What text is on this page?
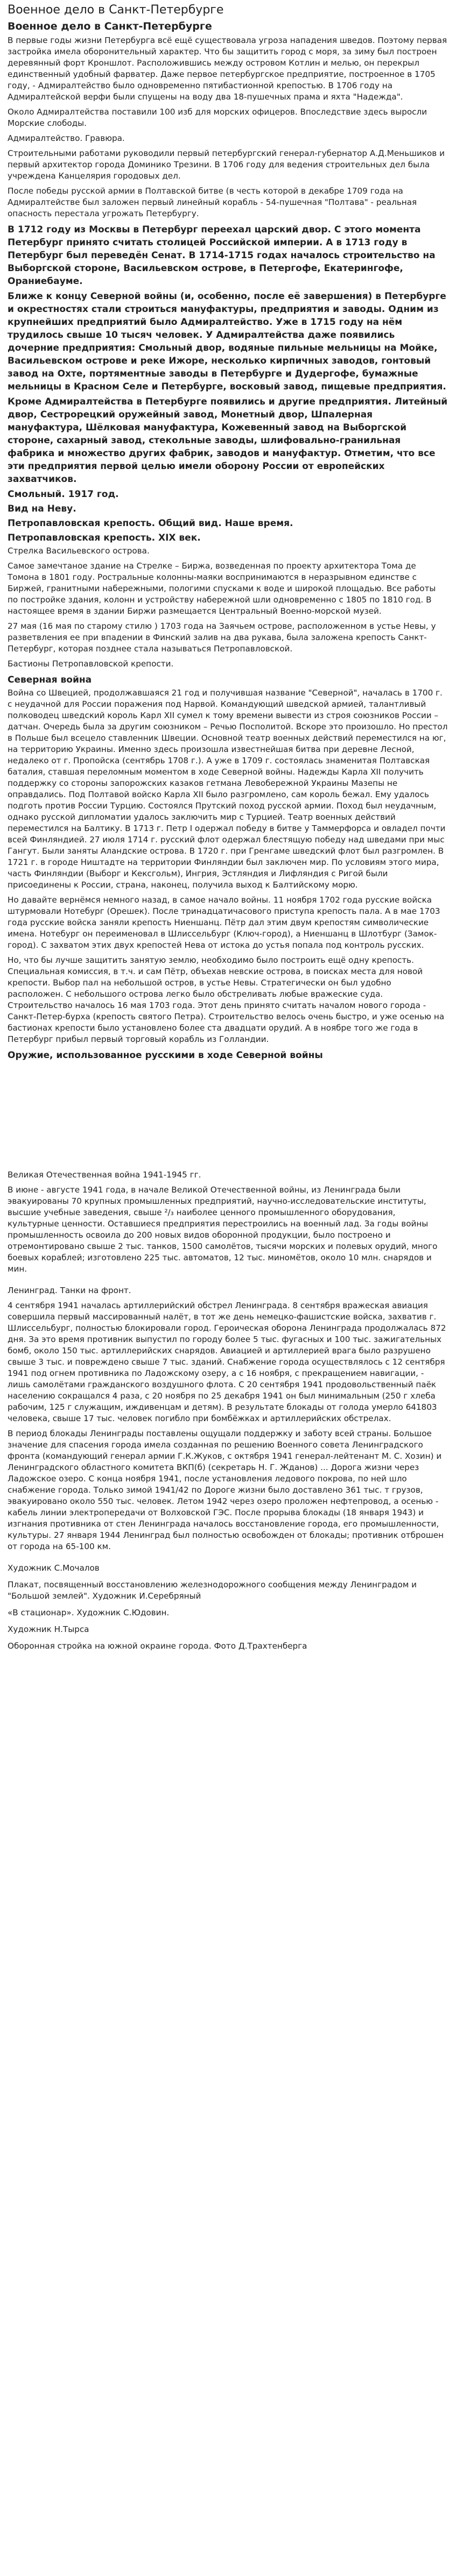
Военное дело в Санкт-Петербурге
Военное дело в Санкт-Петербурге

В первые годы жизни Петербурга всё ещё существовала угроза нападения шведов. Поэтому первая застройка имела оборонительный характер. Что бы защитить город с моря, за зиму был построен деревянный форт Кроншлот. Расположившись между островом Котлин и мелью, он перекрыл единственный удобный фарватер. Даже первое петербургское предприятие, построенное в 1705 году, - Адмиралтейство было одновременно пятибастионной крепостью. В 1706 году на Адмиралтейской верфи были спущены на воду два 18-пушечных прама и яхта "Надежда".

Около Адмиралтейства поставили 100 изб для морских офицеров. Впоследствие здесь выросли Морские слободы.

Адмиралтейство. Гравюра.

Строительными работами руководили первый петербургский генерал-губернатор А.Д.Меньшиков и первый архитектор города Доминико Трезини. В 1706 году для ведения строительных дел была учреждена Канцелярия городовых дел.

После победы русской армии в Полтавской битве (в честь которой в декабре 1709 года на Адмиралтействе был заложен первый линейный корабль - 54-пушечная "Полтава" - реальная опасность перестала угрожать Петербургу.

В 1712 году из Москвы в Петербург переехал царский двор. С этого момента Петербург принято считать столицей Российской империи. А в 1713 году в Петербург был переведён Сенат. В 1714-1715 годах началось строительство на Выборгской стороне, Васильевском острове, в Петергофе, Екатерингофе, Ораниебауме.
Ближе к концу Северной войны (и, особенно, после её завершения) в Петербурге и окрестностях стали строиться мануфактуры, предприятия и заводы. Одним из крупнейших предприятий было Адмиралтейство. Уже в 1715 году на нём трудилось свыше 10 тысяч человек. У Адмиралтейства даже появились дочерние предприятия: Смольный двор, водяные пильные мельницы на Мойке, Васильевском острове и реке Ижоре, несколько кирпичных заводов, гонтовый завод на Охте, портяментные заводы в Петербурге и Дудергофе, бумажные мельницы в Красном Селе и Петербурге, восковый завод, пищевые предприятия.
Кроме Адмиралтейства в Петербурге появились и другие предприятия. Литейный двор, Сестрорецкий оружейный завод, Монетный двор, Шпалерная мануфактура, Шёлковая мануфактура, Кожевенный завод на Выборгской стороне, сахарный завод, стекольные заводы, шлифовально-гранильная фабрика и множество других фабрик, заводов и мануфактур. Отметим, что все эти предприятия первой целью имели оборону России от европейских захватчиков.
Смольный. 1917 год.
Вид на Неву.
Петропавловская крепость. Общий вид. Наше время.
Петропавловская крепость. XIX век.

Стрелка Васильевского острова.

Самое замечтаное здание на Стрелке – Биржа, возведенная по проекту архитектора Тома де Томона в 1801 году. Ростральные колонны-маяки воспринимаются в неразрывном единстве с Биржей, гранитными набережными, пологими спусками к воде и широкой площадью. Все работы по постройке здания, колонн и устройству набережной шли одновременно с 1805 по 1810 год. В настоящее время в здании Биржи размещается Центральный Военно-морской музей.

27 мая (16 мая по старому стилю ) 1703 года на Заячьем острове, расположенном в устье Невы, у разветвления ее при впадении в Финский залив на два рукава, была заложена крепость Санкт-Петербург, которая позднее стала называться Петропавловской.

Бастионы Петропавловской крепости.

Северная война

Война со Швецией, продолжавшаяся 21 год и получившая название "Северной", началась в 1700 г. с неудачной для России поражения под Нарвой. Командующий шведской армией, талантливый полководец шведский король Карл XII сумел к тому времени вывести из строя союзников России – датчан. Очередь была за другим союзником – Речью Посполитой. Вскоре это произошло. Но престол в Польше был всецело ставленник Швеции. Основной театр военных действий переместился на юг, на территорию Украины. Именно здесь произошла известнейшая битва при деревне Лесной, недалеко от г. Пропойска (сентябрь 1708 г.). А уже в 1709 г. состоялась знаменитая Полтавская баталия, ставшая переломным моментом в ходе Северной войны. Надежды Карла XII получить поддержку со стороны запорожских казаков гетмана Левобережной Украины Мазепы не оправдались. Под Полтавой войско Карла XII было разгромлено, сам король бежал. Ему удалось подготь против России Турцию. Состоялся Прутский поход русской армии. Поход был неудачным, однако русской дипломатии удалось заключить мир с Турцией. Театр военных действий переместился на Балтику. В 1713 г. Петр I одержал победу в битве у Таммерфорса и овладел почти всей Финляндией. 27 июля 1714 г. русский флот одержал блестящую победу над шведами при мыс Гангут. Были заняты Аландские острова. В 1720 г. при Гренгаме шведский флот был разгромлен. В 1721 г. в городе Ништадте на территории Финляндии был заключен мир. По условиям этого мира, часть Финляндии (Выборг и Кексгольм), Ингрия, Эстляндия и Лифляндия с Ригой были присоединены к России, страна, наконец, получила выход к Балтийскому морю.

Но давайте вернёмся немного назад, в самое начало войны. 11 ноября 1702 года русские войска штурмовали Нотебург (Орешек). После тринадцатичасового приступа крепость пала. А в мае 1703 года русские войска заняли крепость Ниеншанц. Пётр дал этим двум крепостям символические имена. Нотебург он переименовал в Шлиссельбург (Ключ-город), а Ниеншанц в Шлотбург (Замок-город). С захватом этих двух крепостей Нева от истока до устья попала под контроль русских.

Но, что бы лучше защитить занятую землю, необходимо было построить ещё одну крепость. Специальная комиссия, в т.ч. и сам Пётр, объехав невские острова, в поисках места для новой крепости. Выбор пал на небольшой остров, в устье Невы. Стратегически он был удобно расположен. С небольшого острова легко было обстреливать любые вражеские суда. Строительство началось 16 мая 1703 года. Этот день принято считать началом нового города - Санкт-Петер-бурха (крепость святого Петра). Строительство велось очень быстро, и уже осенью на бастионах крепости было установлено более ста двадцати орудий. А в ноябре того же года в Петербург прибыл первый торговый корабль из Голландии.

Оружие, использованное русскими в ходе Северной войны

Великая Отечественная война 1941-1945 гг.

В июне - августе 1941 года, в начале Великой Отечественной войны, из Ленинграда были эвакуированы 70 крупных промышленных предприятий, научно-исследовательские институты, высшие учебные заведения, свыше ²/₃ наиболее ценного промышленного оборудования, культурные ценности. Оставшиеся предприятия перестроились на военный лад. За годы войны промышленность освоила до 200 новых видов оборонной продукции, было построено и отремонтировано свыше 2 тыс. танков, 1500 самолётов, тысячи морских и полевых орудий, много боевых кораблей; изготовлено 225 тыс. автоматов, 12 тыс. миномётов, около 10 млн. снарядов и мин.

Ленинград. Танки на фронт.

4 сентября 1941 началась артиллерийский обстрел Ленинграда. 8 сентября вражеская авиация совершила первый массированный налёт, в тот же день немецко-фашистские войска, захватив г. Шлиссельбург, полностью блокировали город. Героическая оборона Ленинграда продолжалась 872 дня. За это время противник выпустил по городу более 5 тыс. фугасных и 100 тыс. зажигательных бомб, около 150 тыс. артиллерийских снарядов. Авиацией и артиллерией врага было разрушено свыше 3 тыс. и повреждено свыше 7 тыс. зданий. Снабжение города осуществлялось с 12 сентября 1941 под огнем противника по Ладожскому озеру, а с 16 ноября, с прекращением навигации, - лишь самолётами гражданского воздушного флота. С 20 сентября 1941 продовольственный паёк населению сокращался 4 раза, с 20 ноября по 25 декабря 1941 он был минимальным (250 г хлеба рабочим, 125 г служащим, иждивенцам и детям). В результате блокады от голода умерло 641803 человека, свыше 17 тыс. человек погибло при бомбёжках и артиллерийских обстрелах.

В период блокады Ленинграды поставлены ощущали поддержку и заботу всей страны. Большое значение для спасения города имела созданная по решению Военного совета Ленинградского фронта (командующий генерал армии Г.К.Жуков, с октября 1941 генерал-лейтенант М. С. Хозин) и Ленинградского областного комитета ВКП(б) (секретарь Н. Г. Жданов) ... Дорога жизни через Ладожское озеро. С конца ноября 1941, после установления ледового покрова, по ней шло снабжение города. Только зимой 1941/42 по Дороге жизни было доставлено 361 тыс. т грузов, эвакуировано около 550 тыс. человек. Летом 1942 через озеро проложен нефтепровод, а осенью - кабель линии электропередачи от Волховской ГЭС. После прорыва блокады (18 января 1943) и изгнания противника от стен Ленинграда началось восстановление города, его промышленности, культуры. 27 января 1944 Ленинград был полностью освобожден от блокады; противник отброшен от города на 65-100 км.

Художник С.Мочалов

Плакат, посвященный восстановлению железнодорожного сообщения между Ленинградом и "Большой землей". Художник И.Серебряный

«В стационар». Художник С.Юдовин.

Художник Н.Тырса

Оборонная стройка на южной окраине города. Фото Д.Трахтенберга
